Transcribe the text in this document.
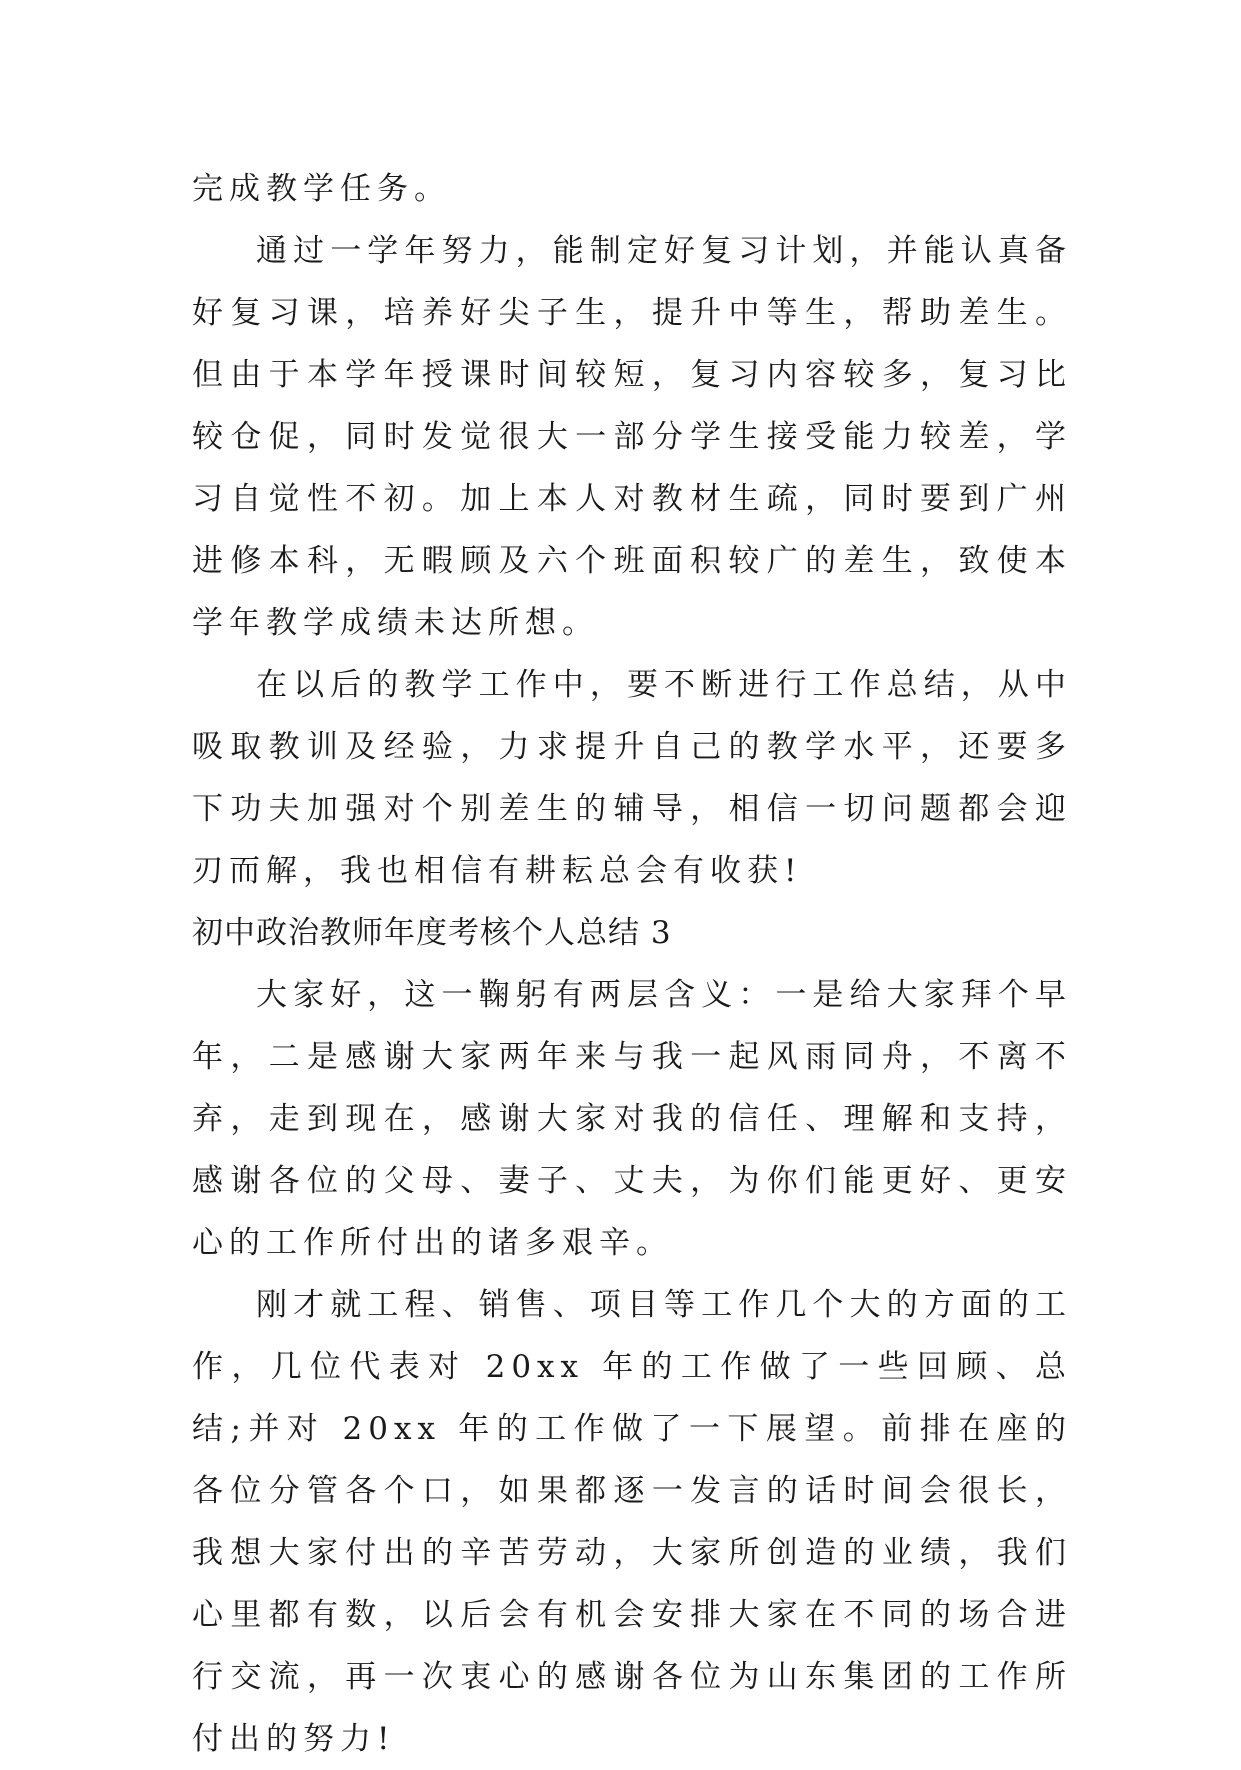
完成教学任务。

通过一学年努力，能制定好复习计划，并能认真备好复习课，培养好尖子生，提升中等生，帮助差生。但由于本学年授课时间较短，复习内容较多，复习比较仓促，同时发觉很大一部分学生接受能力较差，学习自觉性不初。加上本人对教材生疏，同时要到广州进修本科，无暇顾及六个班面积较广的差生，致使本学年教学成绩未达所想。

在以后的教学工作中，要不断进行工作总结，从中吸取教训及经验，力求提升自己的教学水平，还要多下功夫加强对个别差生的辅导，相信一切问题都会迎刃而解，我也相信有耕耘总会有收获!

初中政治教师年度考核个人总结 3

大家好，这一鞠躬有两层含义：一是给大家拜个早年，二是感谢大家两年来与我一起风雨同舟，不离不弃，走到现在，感谢大家对我的信任、理解和支持，感谢各位的父母、妻子、丈夫，为你们能更好、更安心的工作所付出的诸多艰辛。

刚才就工程、销售、项目等工作几个大的方面的工作，几位代表对 20xx 年的工作做了一些回顾、总结;并对 20xx 年的工作做了一下展望。前排在座的各位分管各个口，如果都逐一发言的话时间会很长，我想大家付出的辛苦劳动，大家所创造的业绩，我们心里都有数，以后会有机会安排大家在不同的场合进行交流，再一次衷心的感谢各位为山东集团的工作所付出的努力!
